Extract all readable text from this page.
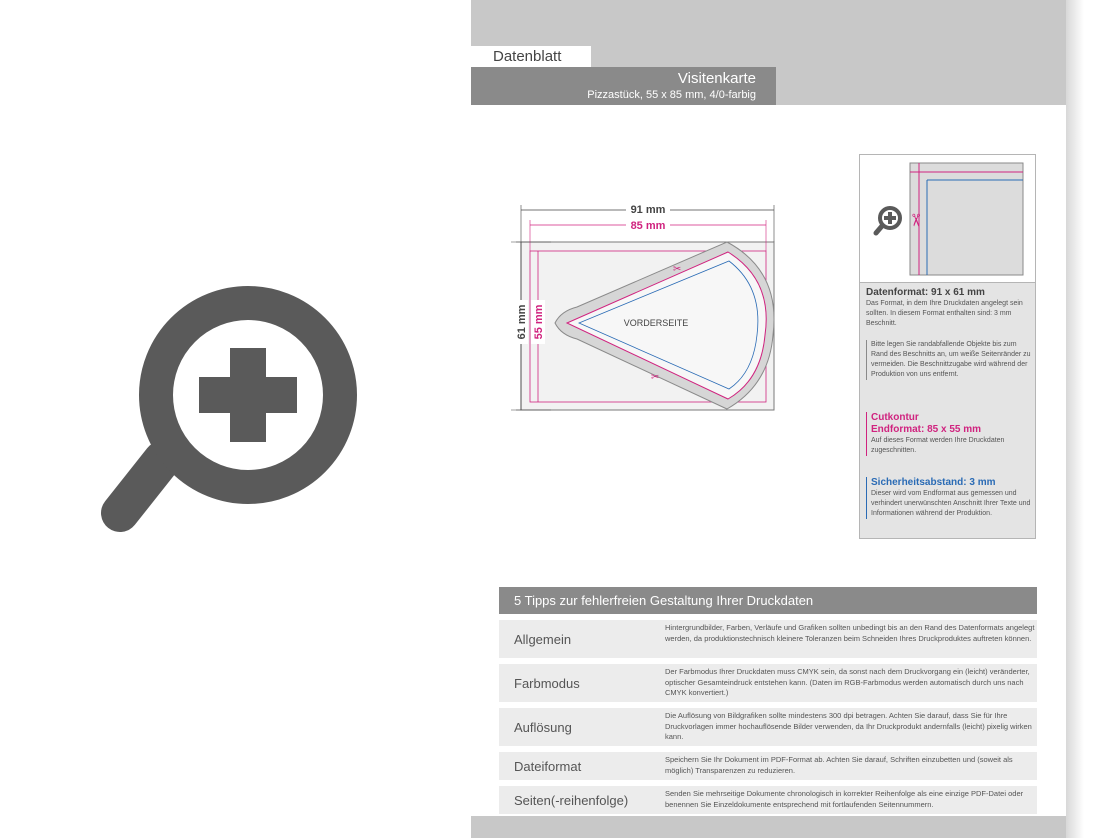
Datenblatt
Visitenkarte
Pizzastück, 55 x 85 mm, 4/0-farbig
✂
✂
91 mm
85 mm
VORDERSEITE
61 mm 55 mm
✂
Datenformat: 91 x 61 mm
Das Format, in dem Ihre Druckdaten angelegt sein sollten. In diesem Format enthalten sind: 3 mm Beschnitt.
Bitte legen Sie randabfallende Objekte bis zum Rand des Beschnitts an, um weiße Seitenränder zu vermeiden. Die Beschnittzugabe wird während der Produktion von uns entfernt.
Cutkontur
Endformat: 85 x 55 mm
Auf dieses Format werden Ihre Druckdaten zugeschnitten.
Sicherheitsabstand: 3 mm
Dieser wird vom Endformat aus gemessen und verhindert unerwünschten Anschnitt Ihrer Texte und Informationen während der Produktion.
5 Tipps zur fehlerfreien Gestaltung Ihrer Druckdaten
Allgemein
Hintergrundbilder, Farben, Verläufe und Grafiken sollten unbedingt bis an den Rand des Datenformats angelegt werden, da produktionstechnisch kleinere Toleranzen beim Schneiden Ihres Druckproduktes auftreten können.
Farbmodus
Der Farbmodus Ihrer Druckdaten muss CMYK sein, da sonst nach dem Druckvorgang ein (leicht) veränderter, optischer Gesamteindruck entstehen kann. (Daten im RGB-Farbmodus werden automatisch durch uns nach CMYK konvertiert.)
Auflösung
Die Auflösung von Bildgrafiken sollte mindestens 300 dpi betragen. Achten Sie darauf, dass Sie für Ihre Druckvorlagen immer hochauflösende Bilder verwenden, da Ihr Druckprodukt andernfalls (leicht) pixelig wirken kann.
Dateiformat	Speichern Sie Ihr Dokument im PDF-Format ab. Achten Sie darauf, Schriften einzubetten und (soweit als möglich) Transparenzen zu reduzieren.
Seiten(-reihenfolge)	Senden Sie mehrseitige Dokumente chronologisch in korrekter Reihenfolge als eine einzige PDF-Datei oder benennen Sie Einzeldokumente entsprechend mit fortlaufenden Seitennummern.
